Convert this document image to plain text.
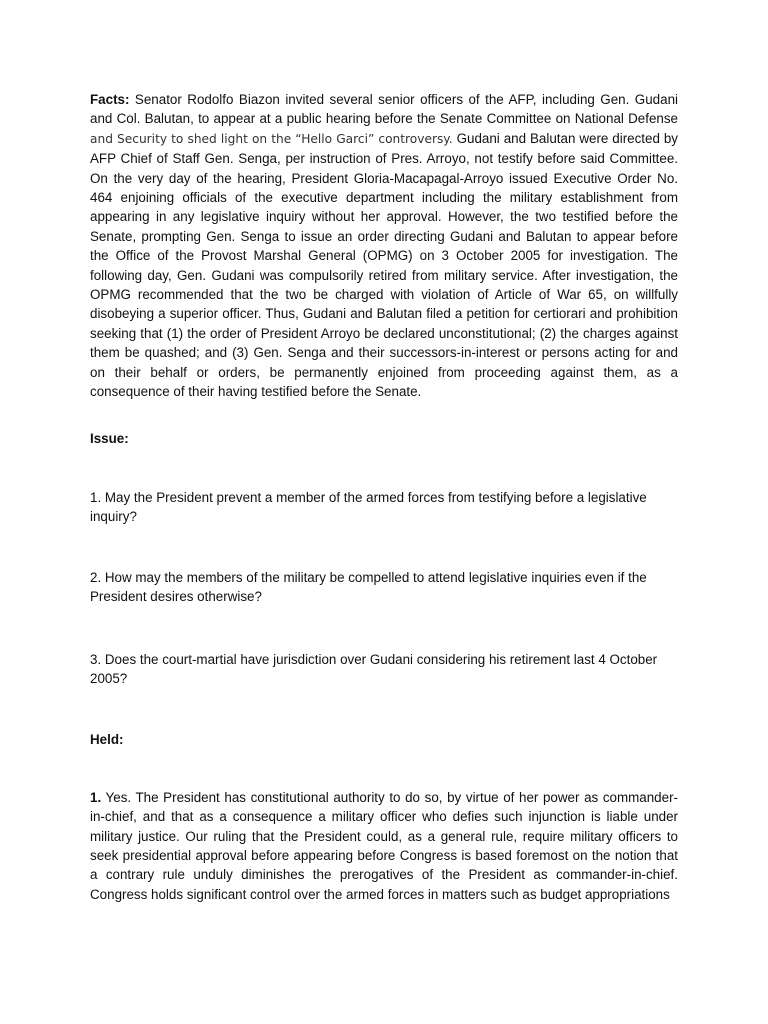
Facts: Senator Rodolfo Biazon invited several senior officers of the AFP, including Gen. Gudani and Col. Balutan, to appear at a public hearing before the Senate Committee on National Defense and Security to shed light on the “Hello Garci” controversy. Gudani and Balutan were directed by AFP Chief of Staff Gen. Senga, per instruction of Pres. Arroyo, not testify before said Committee. On the very day of the hearing, President Gloria-Macapagal-Arroyo issued Executive Order No. 464 enjoining officials of the executive department including the military establishment from appearing in any legislative inquiry without her approval. However, the two testified before the Senate, prompting Gen. Senga to issue an order directing Gudani and Balutan to appear before the Office of the Provost Marshal General (OPMG) on 3 October 2005 for investigation. The following day, Gen. Gudani was compulsorily retired from military service. After investigation, the OPMG recommended that the two be charged with violation of Article of War 65, on willfully disobeying a superior officer. Thus, Gudani and Balutan filed a petition for certiorari and prohibition seeking that (1) the order of President Arroyo be declared unconstitutional; (2) the charges against them be quashed; and (3) Gen. Senga and their successors-in-interest or persons acting for and on their behalf or orders, be permanently enjoined from proceeding against them, as a consequence of their having testified before the Senate.

Issue:

1. May the President prevent a member of the armed forces from testifying before a legislative inquiry?

2. How may the members of the military be compelled to attend legislative inquiries even if the President desires otherwise?

3. Does the court-martial have jurisdiction over Gudani considering his retirement last 4 October 2005?

Held:

1. Yes. The President has constitutional authority to do so, by virtue of her power as commander-in-chief, and that as a consequence a military officer who defies such injunction is liable under military justice. Our ruling that the President could, as a general rule, require military officers to seek presidential approval before appearing before Congress is based foremost on the notion that a contrary rule unduly diminishes the prerogatives of the President as commander-in-chief. Congress holds significant control over the armed forces in matters such as budget appropriations
